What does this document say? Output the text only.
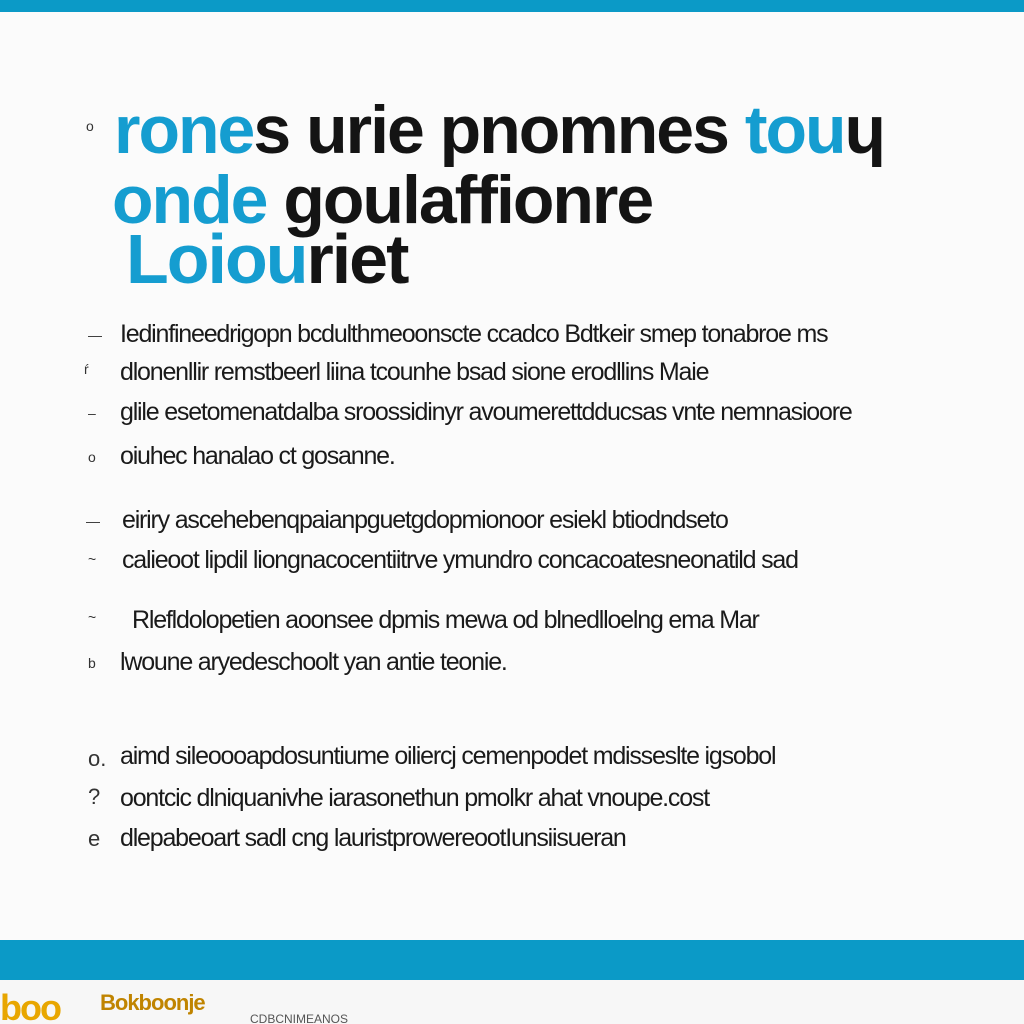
o rones urie pnomnes touɥ
onde goulaffionre
Loiouriet
— Iedinfineedrigopn bcdulthmeoonscte ccadco Bdtkeir smep tonabroe ms
ŕ dlonenllir remstbeerl liina tcounhe bsad sione erodllins Maie
– glile esetomenatdalba sroossidinyr avoumerettdducsas vnte nemnasioore
o oiuhec hanalao ct gosanne.
— eiriry ascehebenqpaianpguetgdopmionoor esiekl btiodndseto
~ calieoot lipdil liongnacocentiitrve ymundro concacoatesneonatild sad
~ Rlefldolopetien aoonsee dpmis mewa od blnedlloelng ema Mar
b lwoune aryedeschoolt yan antie teonie.
o. aimd sileoooapdosuntiume oiliercj cemenpodet mdisseslte igsobol
? oontcic dlniquanivhe iarasonethun pmolkr ahat vnoupe.cost
e dlepabeoart sadl cng lauristprowereootIunsiisueran
boo Bokboonje
CDBCNIMEANOS
